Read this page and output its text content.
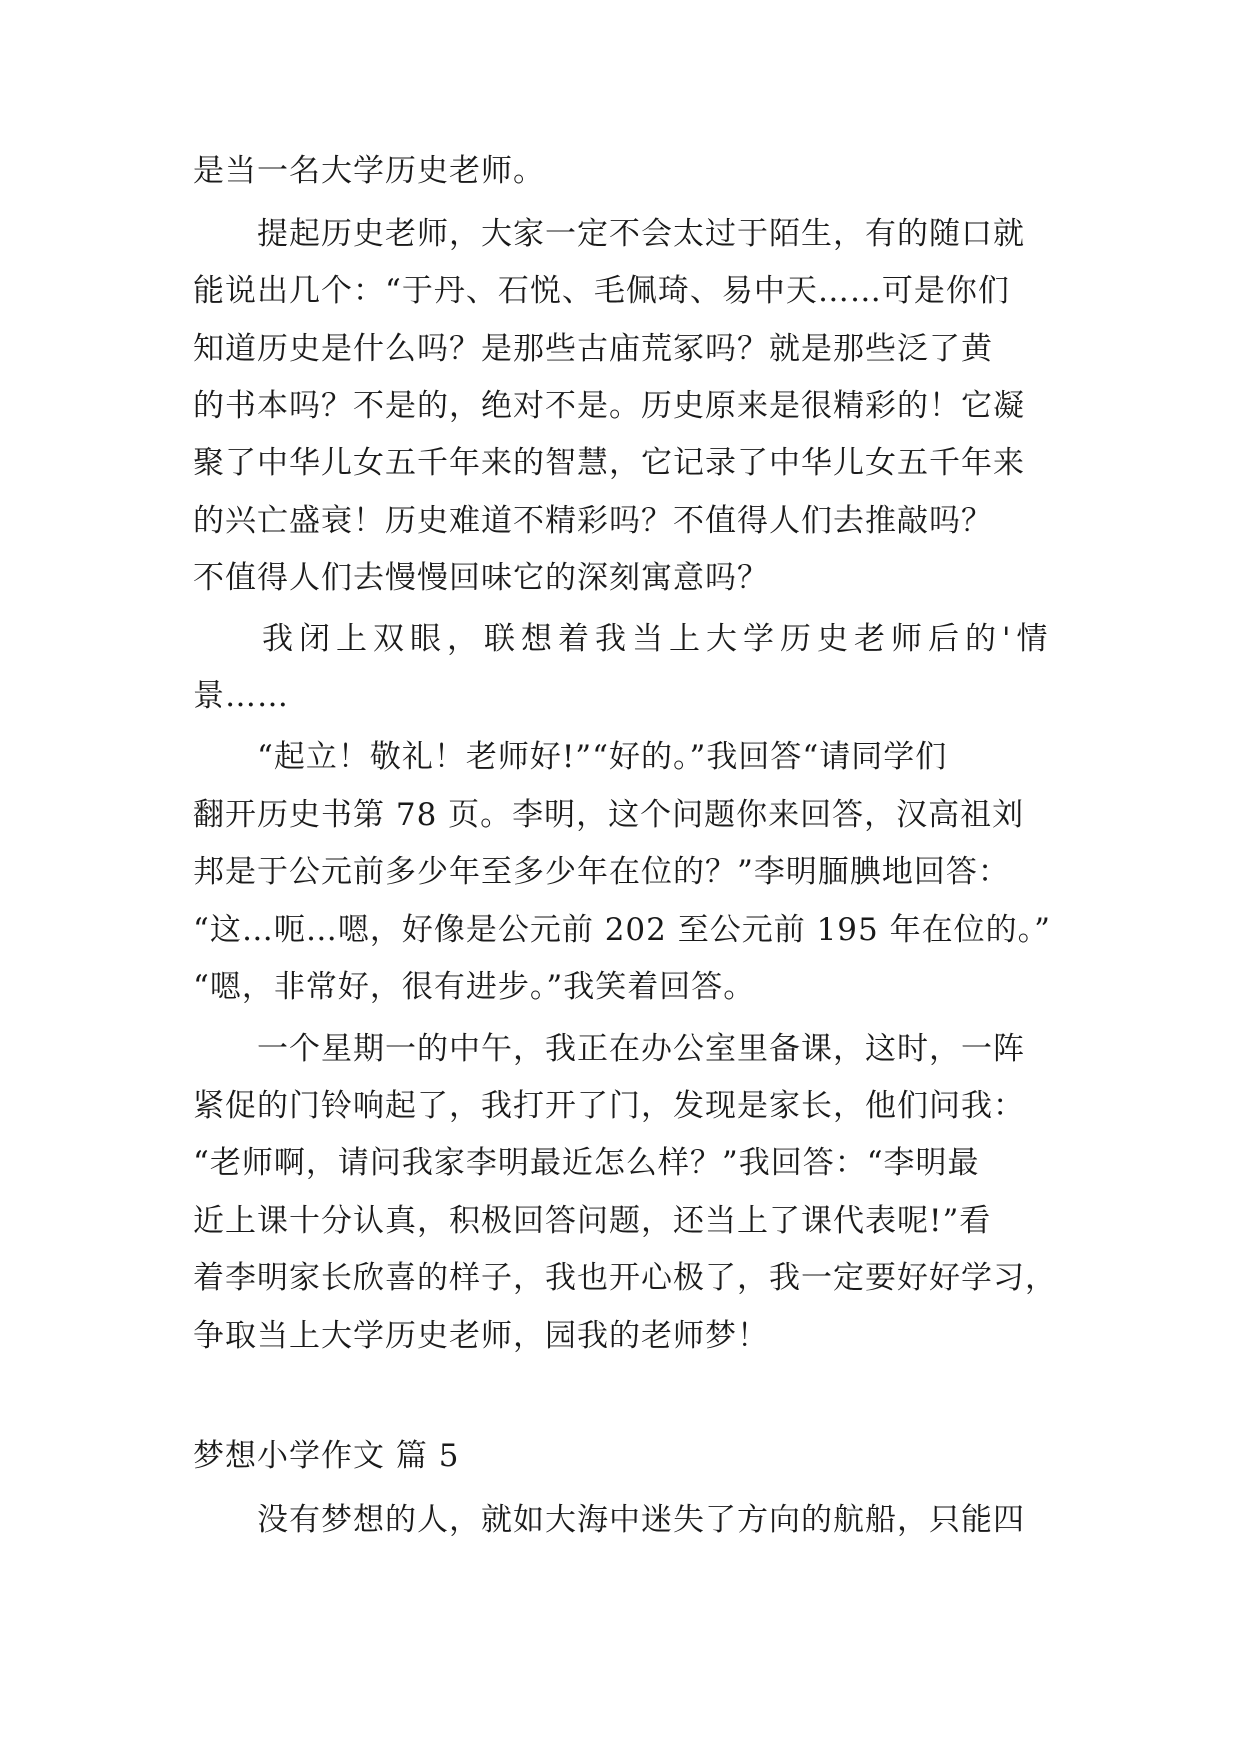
是当一名大学历史老师。
提起历史老师，大家一定不会太过于陌生，有的随口就
能说出几个：“于丹、石悦、毛佩琦、易中天……可是你们
知道历史是什么吗？是那些古庙荒冢吗？就是那些泛了黄
的书本吗？不是的，绝对不是。历史原来是很精彩的！它凝
聚了中华儿女五千年来的智慧，它记录了中华儿女五千年来
的兴亡盛衰！历史难道不精彩吗？不值得人们去推敲吗？
不值得人们去慢慢回味它的深刻寓意吗？
我闭上双眼，联想着我当上大学历史老师后的'情
景……
“起立！敬礼！老师好!”“好的。”我回答“请同学们
翻开历史书第 78 页。李明，这个问题你来回答，汉高祖刘
邦是于公元前多少年至多少年在位的？”李明腼腆地回答：
“这…呃…嗯，好像是公元前 202 至公元前 195 年在位的。”
“嗯，非常好，很有进步。”我笑着回答。
一个星期一的中午，我正在办公室里备课，这时，一阵
紧促的门铃响起了，我打开了门，发现是家长，他们问我：
“老师啊，请问我家李明最近怎么样？”我回答：“李明最
近上课十分认真，积极回答问题，还当上了课代表呢!”看
着李明家长欣喜的样子，我也开心极了，我一定要好好学习，
争取当上大学历史老师，园我的老师梦！
梦想小学作文 篇 5
没有梦想的人，就如大海中迷失了方向的航船，只能四
